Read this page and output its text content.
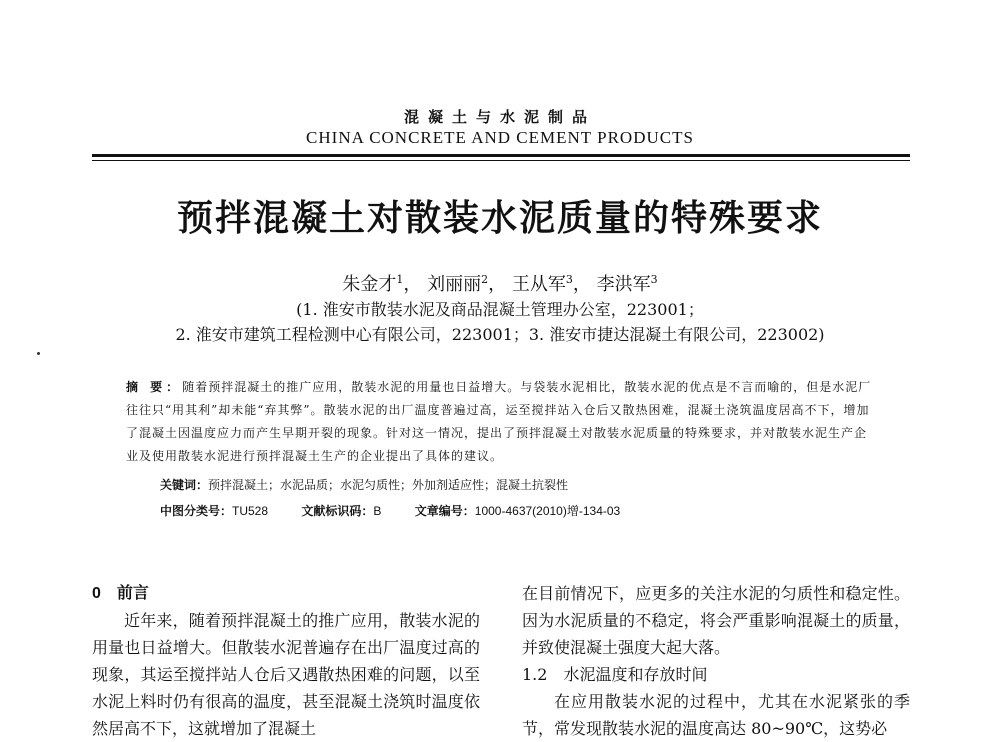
混凝土与水泥制品
CHINA CONCRETE AND CEMENT PRODUCTS
预拌混凝土对散装水泥质量的特殊要求
朱金才$^1$， 刘丽丽$^2$， 王从军$^3$， 李洪军$^3$
(1. 淮安市散装水泥及商品混凝土管理办公室，223001；
2. 淮安市建筑工程检测中心有限公司，223001；3. 淮安市捷达混凝土有限公司，223002)
摘 要：随着预拌混凝土的推广应用，散装水泥的用量也日益增大。与袋装水泥相比，散装水泥的优点是不言而喻的，但是水泥厂往往只“用其利”却未能“弃其弊”。散装水泥的出厂温度普遍过高，运至搅拌站入仓后又散热困难，混凝土浇筑温度居高不下，增加了混凝土因温度应力而产生早期开裂的现象。针对这一情况，提出了预拌混凝土对散装水泥质量的特殊要求，并对散装水泥生产企业及使用散装水泥进行预拌混凝土生产的企业提出了具体的建议。
关键词：预拌混凝土；水泥品质；水泥匀质性；外加剂适应性；混凝土抗裂性
中图分类号：TU528	文献标识码：B	文章编号：1000-4637(2010)增-134-03
0　前言

近年来，随着预拌混凝土的推广应用，散装水泥的用量也日益增大。但散装水泥普遍存在出厂温度过高的现象，其运至搅拌站人仓后又遇散热困难的问题，以至水泥上料时仍有很高的温度，甚至混凝土浇筑时温度依然居高不下，这就增加了混凝土

在目前情况下，应更多的关注水泥的匀质性和稳定性。因为水泥质量的不稳定，将会严重影响混凝土的质量，并致使混凝土强度大起大落。

1.2　水泥温度和存放时间

在应用散装水泥的过程中，尤其在水泥紧张的季节，常发现散装水泥的温度高达 80~90℃，这势必
